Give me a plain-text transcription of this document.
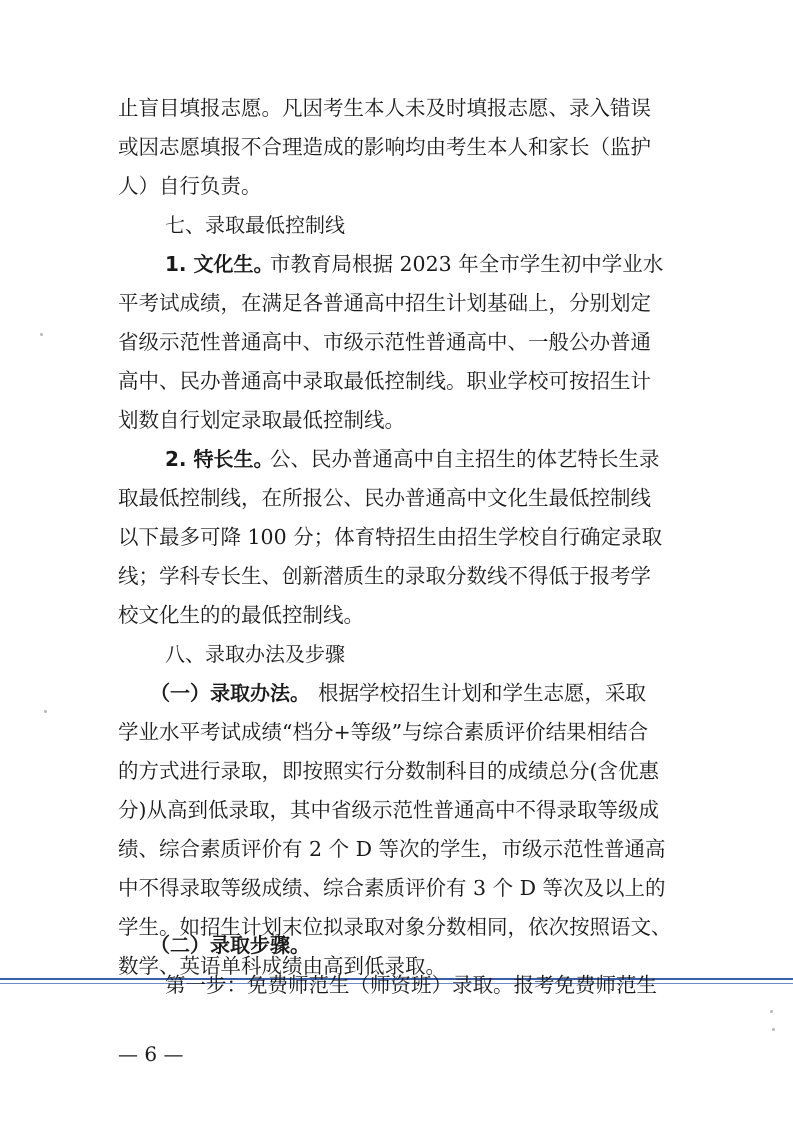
止盲目填报志愿。凡因考生本人未及时填报志愿、录入错误
或因志愿填报不合理造成的影响均由考生本人和家长（监护
人）自行负责。
七、录取最低控制线
1. 文化生。
市教育局根据 2023 年全市学生初中学业水
平考试成绩，在满足各普通高中招生计划基础上，分别划定
省级示范性普通高中、市级示范性普通高中、一般公办普通
高中、民办普通高中录取最低控制线。职业学校可按招生计
划数自行划定录取最低控制线。
2. 特长生。
公、民办普通高中自主招生的体艺特长生录
取最低控制线，在所报公、民办普通高中文化生最低控制线
以下最多可降 100 分；体育特招生由招生学校自行确定录取
线；学科专长生、创新潜质生的录取分数线不得低于报考学
校文化生的的最低控制线。
八、录取办法及步骤
（一）录取办法。 根据学校招生计划和学生志愿，采取
学业水平考试成绩“档分+等级”与综合素质评价结果相结合
的方式进行录取，即按照实行分数制科目的成绩总分(含优惠
分)从高到低录取，其中省级示范性普通高中不得录取等级成
绩、综合素质评价有 2 个 D 等次的学生，市级示范性普通高
中不得录取等级成绩、综合素质评价有 3 个 D 等次及以上的
学生。如招生计划末位拟录取对象分数相同，依次按照语文、
数学、英语单科成绩由高到低录取。
（二）录取步骤。
第一步：免费师范生（师资班）录取。报考免费师范生
— 6 —
